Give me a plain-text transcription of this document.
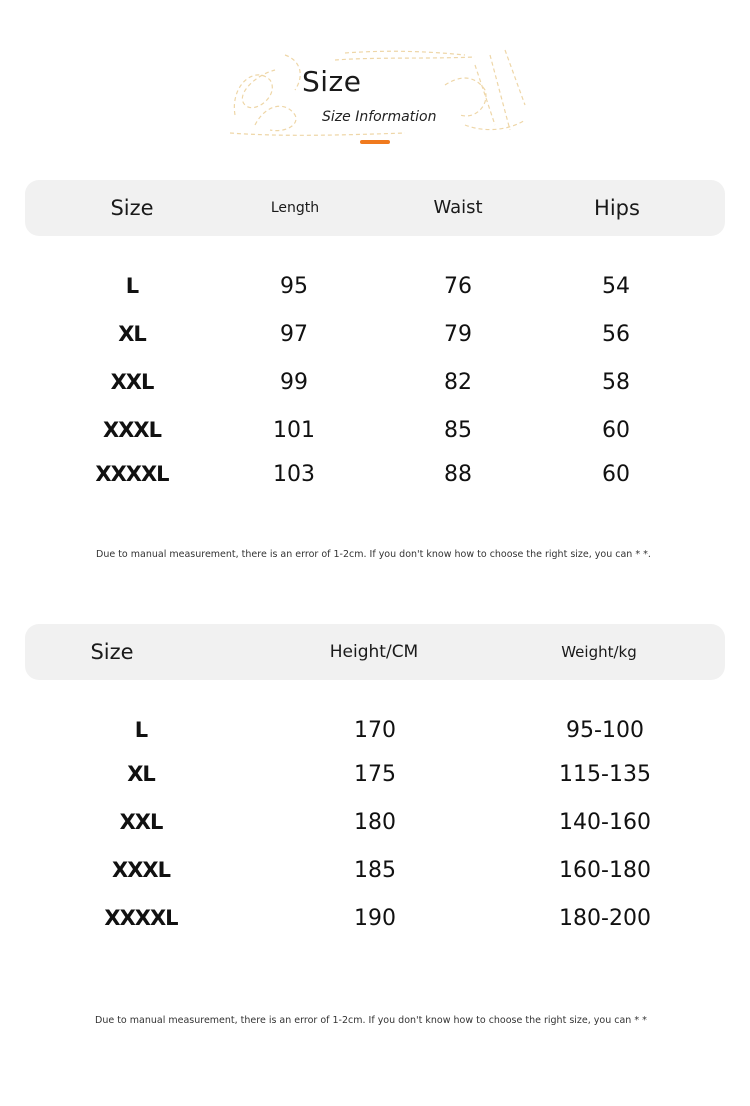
Size
Size Information
Size	Length	Waist	Hips
L	95	76	54
XL	97	79	56
XXL	99	82	58
XXXL	101	85	60
XXXXL	103	88	60
Due to manual measurement, there is an error of 1-2cm. If you don't know how to choose the right size, you can * *.
Size	Height/CM	Weight/kg
L	170	95-100
XL	175	115-135
XXL	180	140-160
XXXL	185	160-180
XXXXL	190	180-200
Due to manual measurement, there is an error of 1-2cm. If you don't know how to choose the right size, you can * *
